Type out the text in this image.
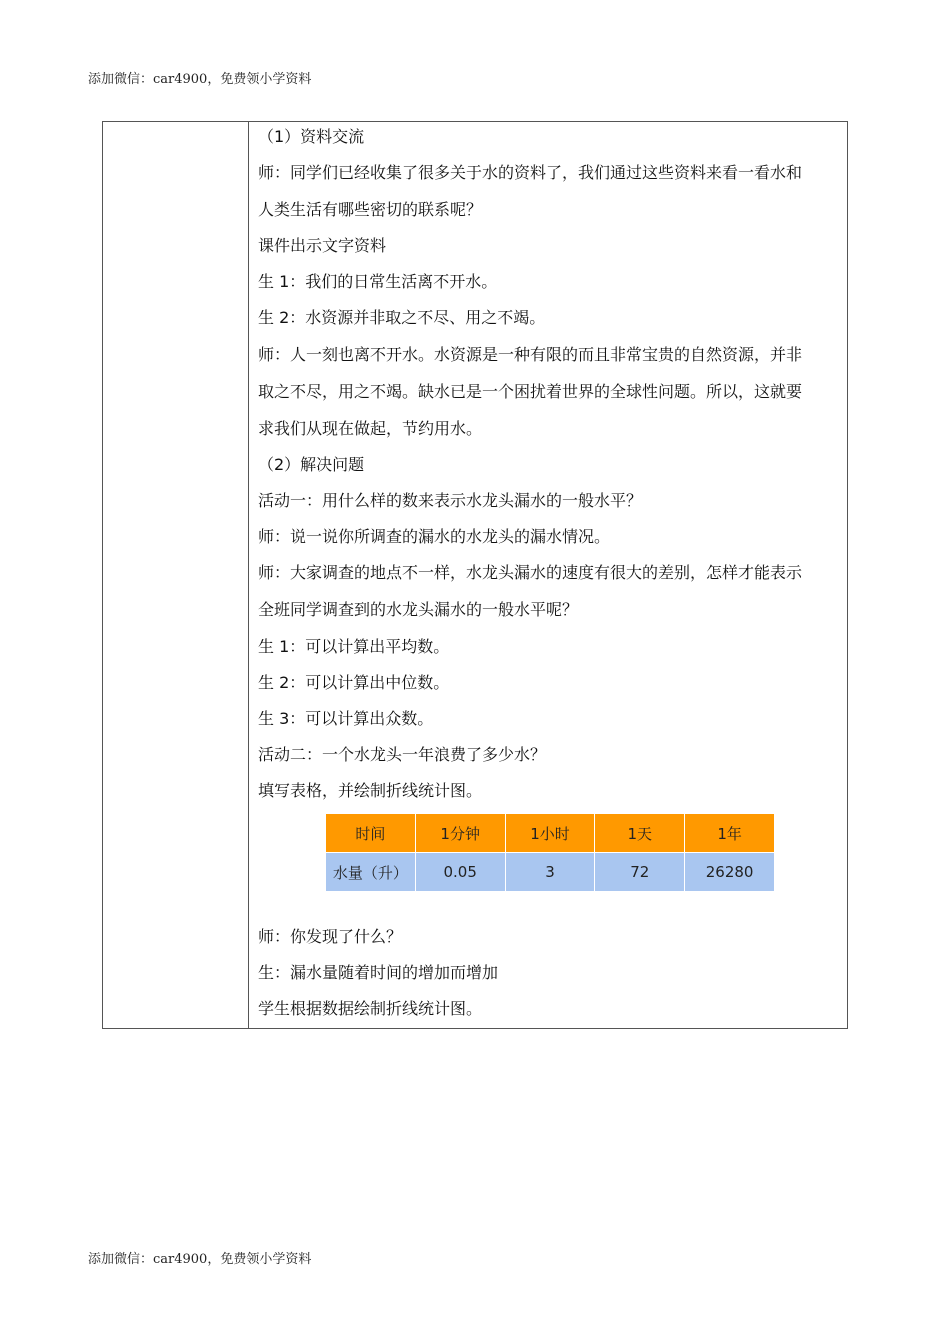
添加微信：car4900，免费领小学资料
（1）资料交流
师：同学们已经收集了很多关于水的资料了，我们通过这些资料来看一看水和
人类生活有哪些密切的联系呢？
课件出示文字资料
生 1：我们的日常生活离不开水。
生 2：水资源并非取之不尽、用之不竭。
师：人一刻也离不开水。水资源是一种有限的而且非常宝贵的自然资源，并非
取之不尽，用之不竭。缺水已是一个困扰着世界的全球性问题。所以，这就要
求我们从现在做起，节约用水。
（2）解决问题
活动一：用什么样的数来表示水龙头漏水的一般水平？
师：说一说你所调查的漏水的水龙头的漏水情况。
师：大家调查的地点不一样，水龙头漏水的速度有很大的差别，怎样才能表示
全班同学调查到的水龙头漏水的一般水平呢？
生 1：可以计算出平均数。
生 2：可以计算出中位数。
生 3：可以计算出众数。
活动二：一个水龙头一年浪费了多少水？
填写表格，并绘制折线统计图。
师：你发现了什么？
生：漏水量随着时间的增加而增加
学生根据数据绘制折线统计图。
时间	1分钟	1小时	1天	1年
水量（升）	0.05	3	72	26280
添加微信：car4900，免费领小学资料
